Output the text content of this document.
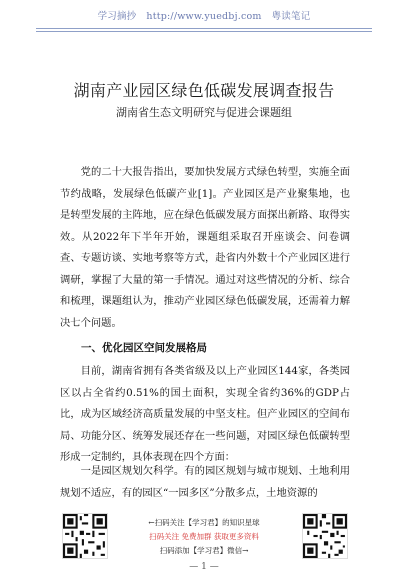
学习摘抄 http://www.yuedbj.com 粤读笔记
湖南产业园区绿色低碳发展调查报告
湖南省生态文明研究与促进会课题组

党的二十大报告指出，要加快发展方式绿色转型，实施全面节约战略，发展绿色低碳产业[1]。产业园区是产业聚集地，也是转型发展的主阵地，应在绿色低碳发展方面探出新路、取得实效。从2022年下半年开始，课题组采取召开座谈会、问卷调查、专题访谈、实地考察等方式，赴省内外数十个产业园区进行调研，掌握了大量的第一手情况。通过对这些情况的分析、综合和梳理，课题组认为，推动产业园区绿色低碳发展，还需着力解决七个问题。

一、优化园区空间发展格局

目前，湖南省拥有各类省级及以上产业园区144家，各类园区以占全省约0.51%的国土面积，实现全省约36%的GDP占比，成为区域经济高质量发展的中坚支柱。但产业园区的空间布局、功能分区、统筹发展还存在一些问题，对园区绿色低碳转型形成一定制约，具体表现在四个方面：

一是园区规划欠科学。有的园区规划与城市规划、土地利用规划不适应，有的园区“一园多区”分散多点，土地资源的

←扫码关注【学习君】的知识星球
扫码关注 免费加群 获取更多资料
扫码添加【学习君】微信→
— 1 —
